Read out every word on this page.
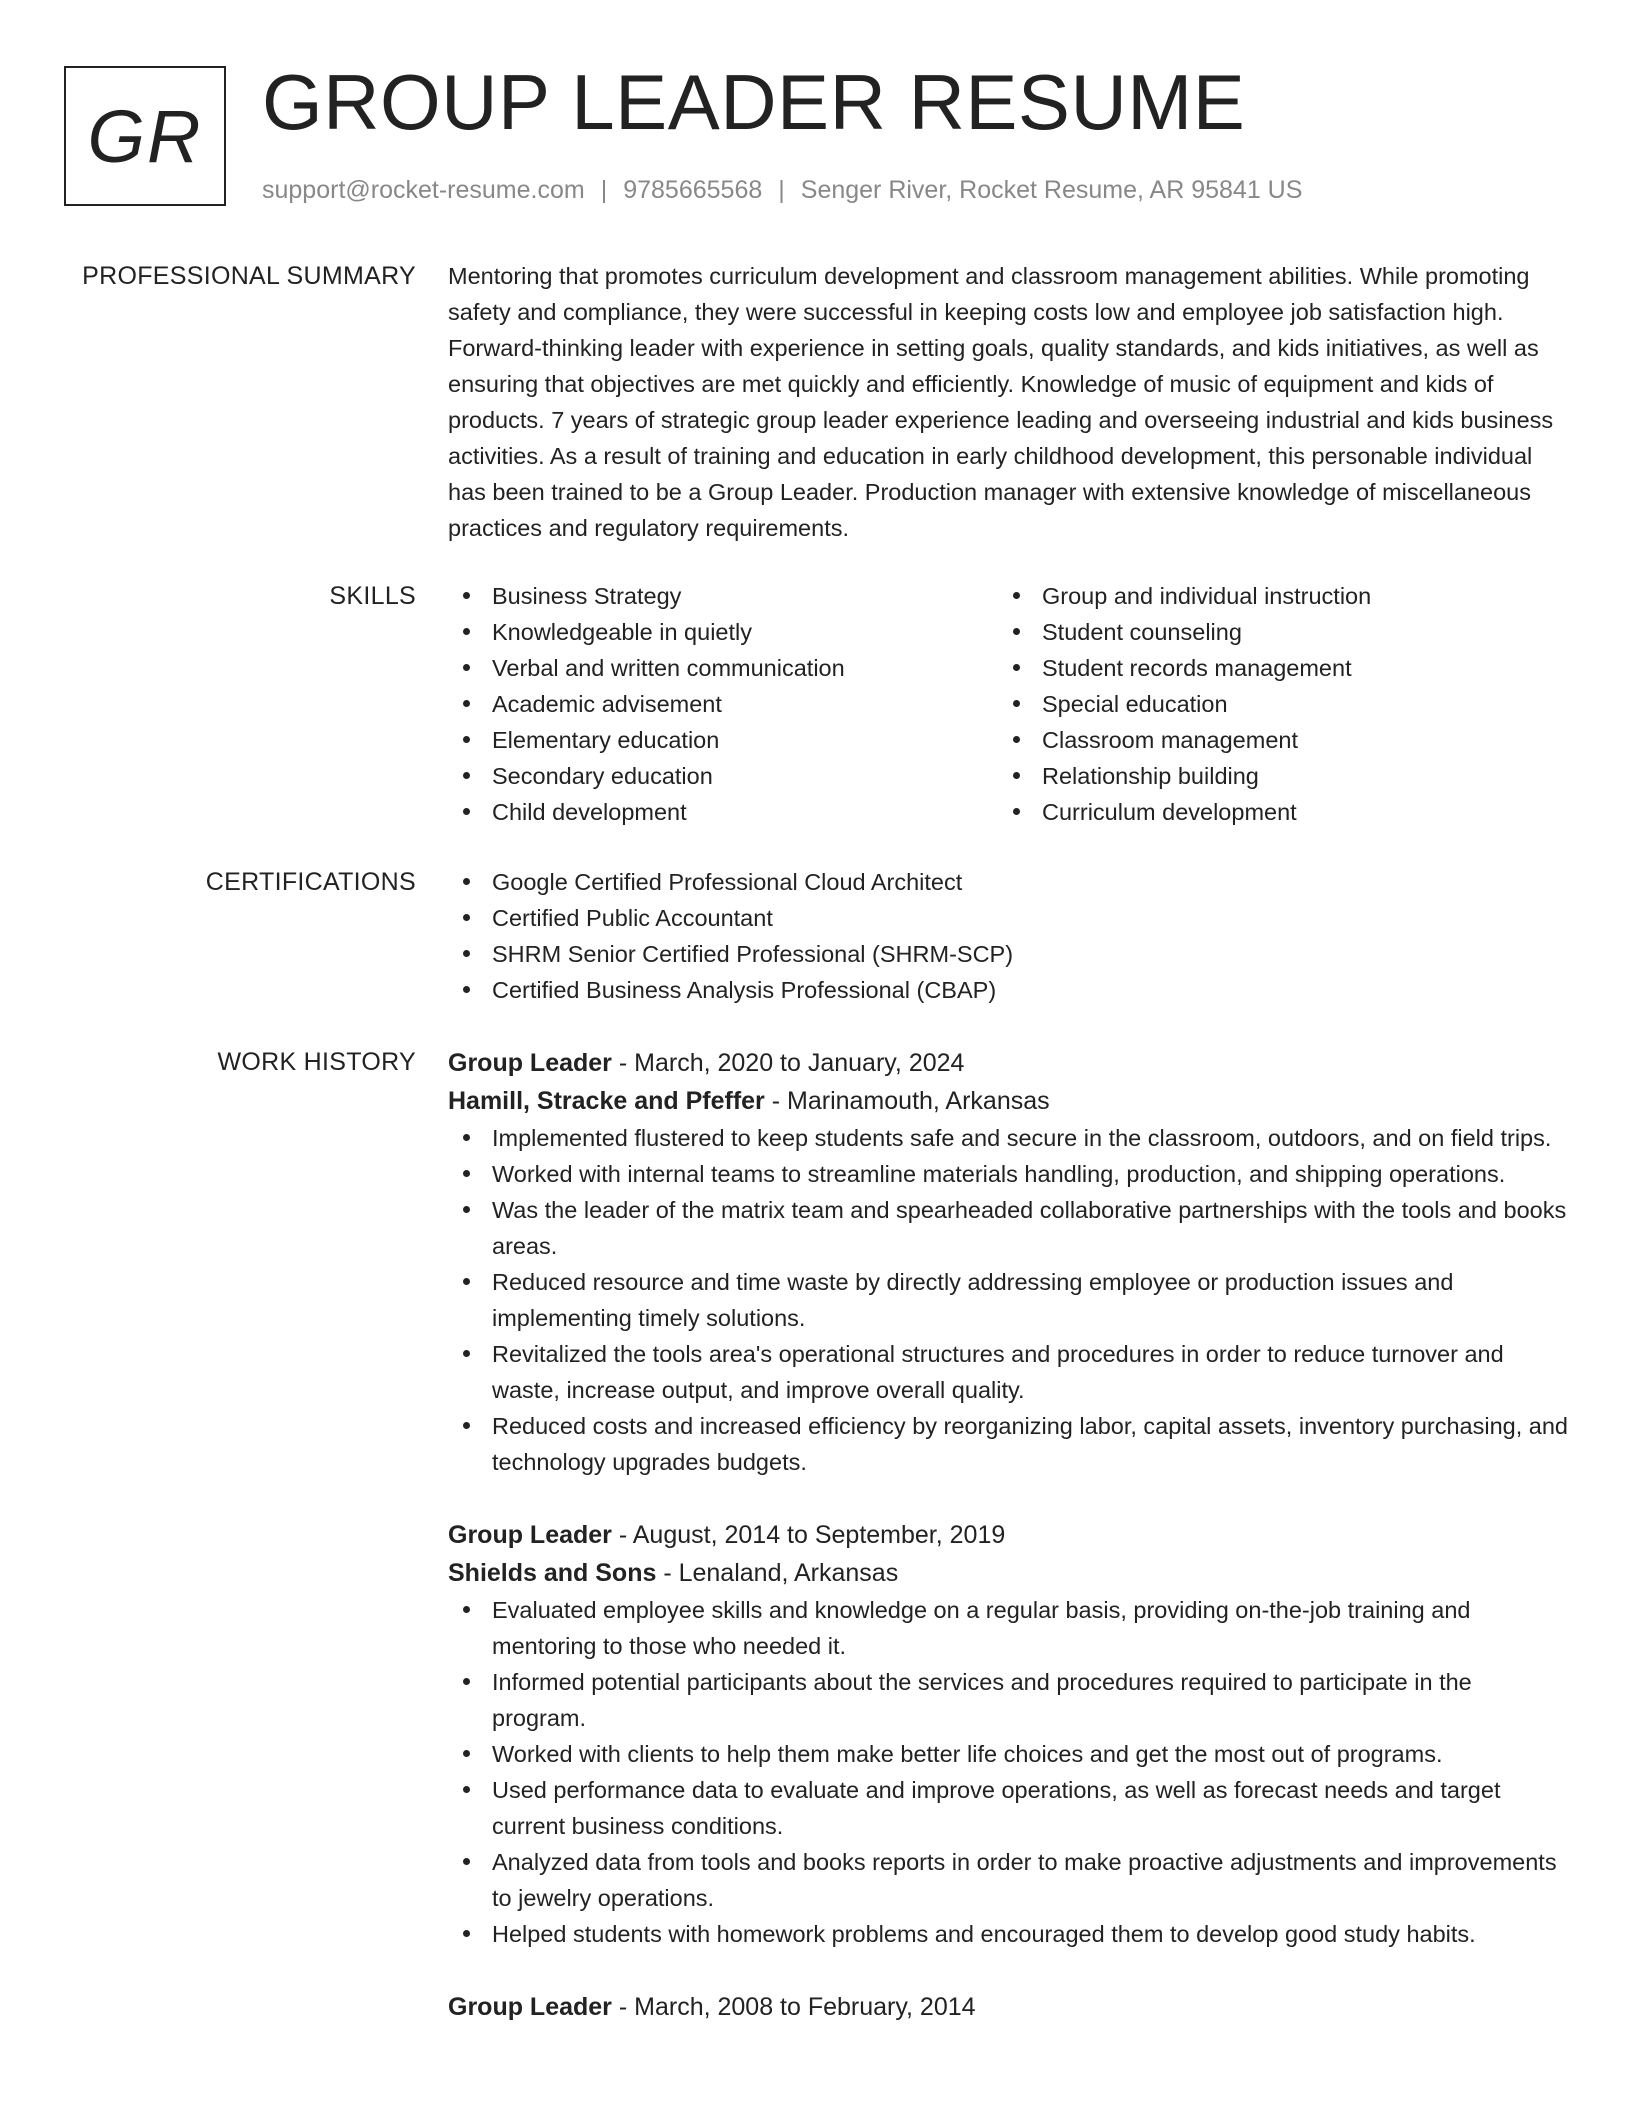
GR GROUP LEADER RESUME
support@rocket-resume.com | 9785665568 | Senger River, Rocket Resume, AR 95841 US
PROFESSIONAL SUMMARY Mentoring that promotes curriculum development and classroom management abilities. While promoting safety and compliance, they were successful in keeping costs low and employee job satisfaction high. Forward-thinking leader with experience in setting goals, quality standards, and kids initiatives, as well as ensuring that objectives are met quickly and efficiently. Knowledge of music of equipment and kids of products. 7 years of strategic group leader experience leading and overseeing industrial and kids business activities. As a result of training and education in early childhood development, this personable individual has been trained to be a Group Leader. Production manager with extensive knowledge of miscellaneous practices and regulatory requirements.

SKILLS	Business Strategy
Knowledgeable in quietly
Verbal and written communication
Academic advisement
Elementary education
Secondary education
Child development
Group and individual instruction
Student counseling
Student records management
Special education
Classroom management
Relationship building
Curriculum development
CERTIFICATIONS	Google Certified Professional Cloud Architect
Certified Public Accountant
SHRM Senior Certified Professional (SHRM-SCP)
Certified Business Analysis Professional (CBAP)
WORK HISTORY Group Leader - March, 2020 to January, 2024
Hamill, Stracke and Pfeffer - Marinamouth, Arkansas
Implemented flustered to keep students safe and secure in the classroom, outdoors, and on field trips.
Worked with internal teams to streamline materials handling, production, and shipping operations.
Was the leader of the matrix team and spearheaded collaborative partnerships with the tools and books areas.
Reduced resource and time waste by directly addressing employee or production issues and implementing timely solutions.
Revitalized the tools area's operational structures and procedures in order to reduce turnover and waste, increase output, and improve overall quality.
Reduced costs and increased efficiency by reorganizing labor, capital assets, inventory purchasing, and technology upgrades budgets.
Group Leader - August, 2014 to September, 2019
Shields and Sons - Lenaland, Arkansas
Evaluated employee skills and knowledge on a regular basis, providing on-the-job training and mentoring to those who needed it.
Informed potential participants about the services and procedures required to participate in the program.
Worked with clients to help them make better life choices and get the most out of programs.
Used performance data to evaluate and improve operations, as well as forecast needs and target current business conditions.
Analyzed data from tools and books reports in order to make proactive adjustments and improvements to jewelry operations.
Helped students with homework problems and encouraged them to develop good study habits.
Group Leader - March, 2008 to February, 2014
